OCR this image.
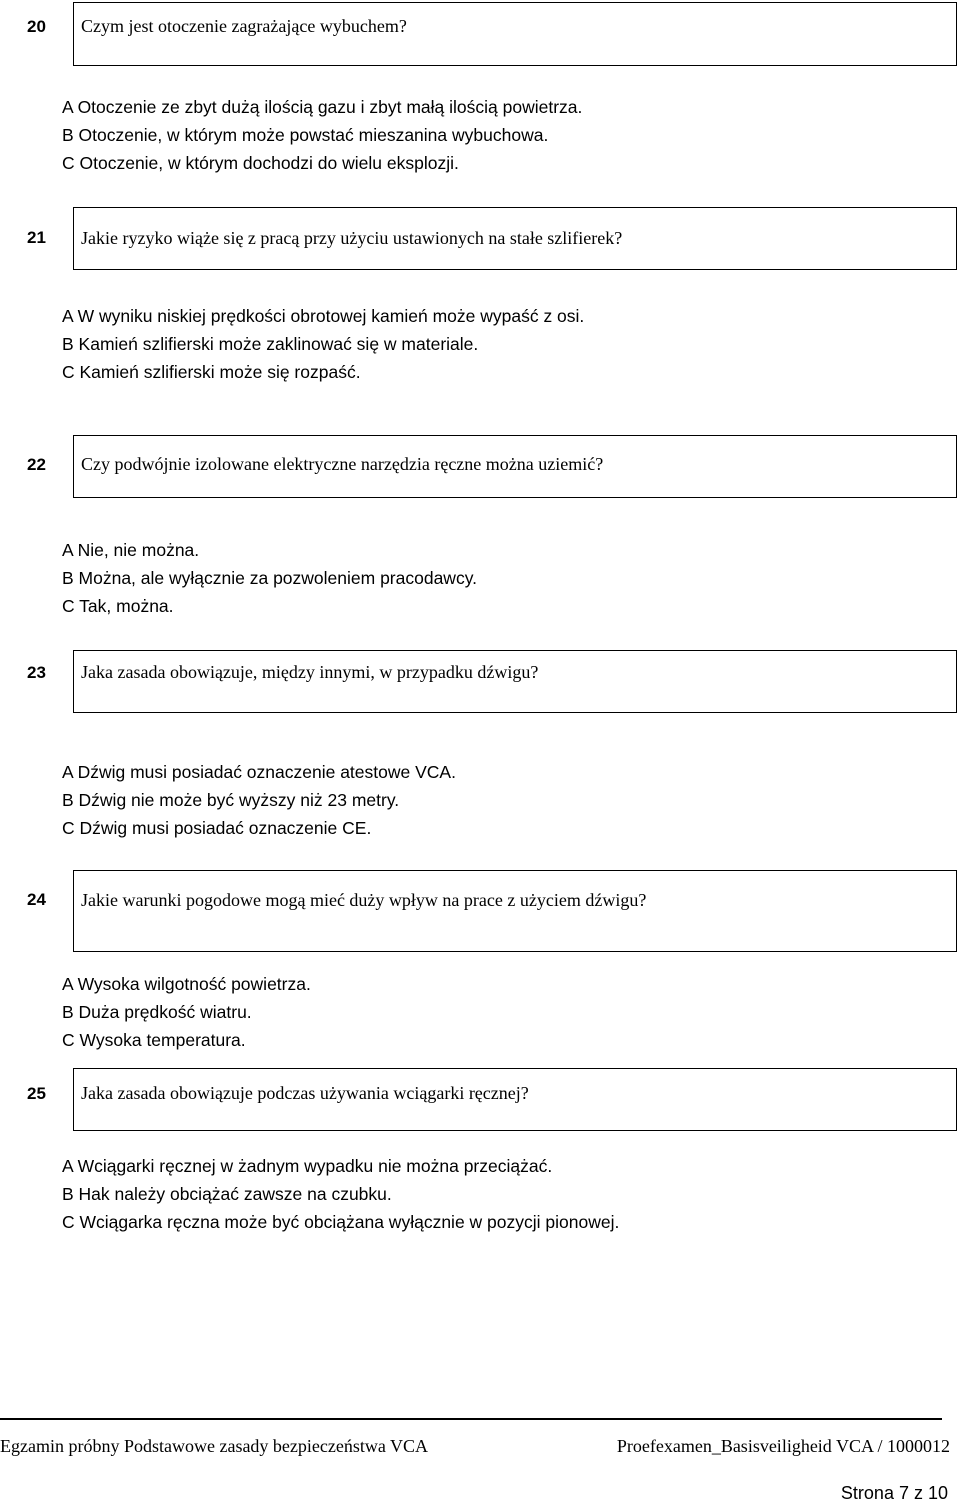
20	Czym jest otoczenie zagrażające wybuchem?
A Otoczenie ze zbyt dużą ilością gazu i zbyt małą ilością powietrza.
B Otoczenie, w którym może powstać mieszanina wybuchowa.
C Otoczenie, w którym dochodzi do wielu eksplozji.
21	Jakie ryzyko wiąże się z pracą przy użyciu ustawionych na stałe szlifierek?
A W wyniku niskiej prędkości obrotowej kamień może wypaść z osi.
B Kamień szlifierski może zaklinować się w materiale.
C Kamień szlifierski może się rozpaść.
22	Czy podwójnie izolowane elektryczne narzędzia ręczne można uziemić?
A Nie, nie można.
B Można, ale wyłącznie za pozwoleniem pracodawcy.
C Tak, można.
23	Jaka zasada obowiązuje, między innymi, w przypadku dźwigu?
A Dźwig musi posiadać oznaczenie atestowe VCA.
B Dźwig nie może być wyższy niż 23 metry.
C Dźwig musi posiadać oznaczenie CE.
24	Jakie warunki pogodowe mogą mieć duży wpływ na prace z użyciem dźwigu?
A Wysoka wilgotność powietrza.
B Duża prędkość wiatru.
C Wysoka temperatura.
25	Jaka zasada obowiązuje podczas używania wciągarki ręcznej?
A Wciągarki ręcznej w żadnym wypadku nie można przeciążać.
B Hak należy obciążać zawsze na czubku.
C Wciągarka ręczna może być obciążana wyłącznie w pozycji pionowej.
Egzamin próbny Podstawowe zasady bezpieczeństwa VCA	Proefexamen_Basisveiligheid VCA / 1000012
Strona 7 z 10
